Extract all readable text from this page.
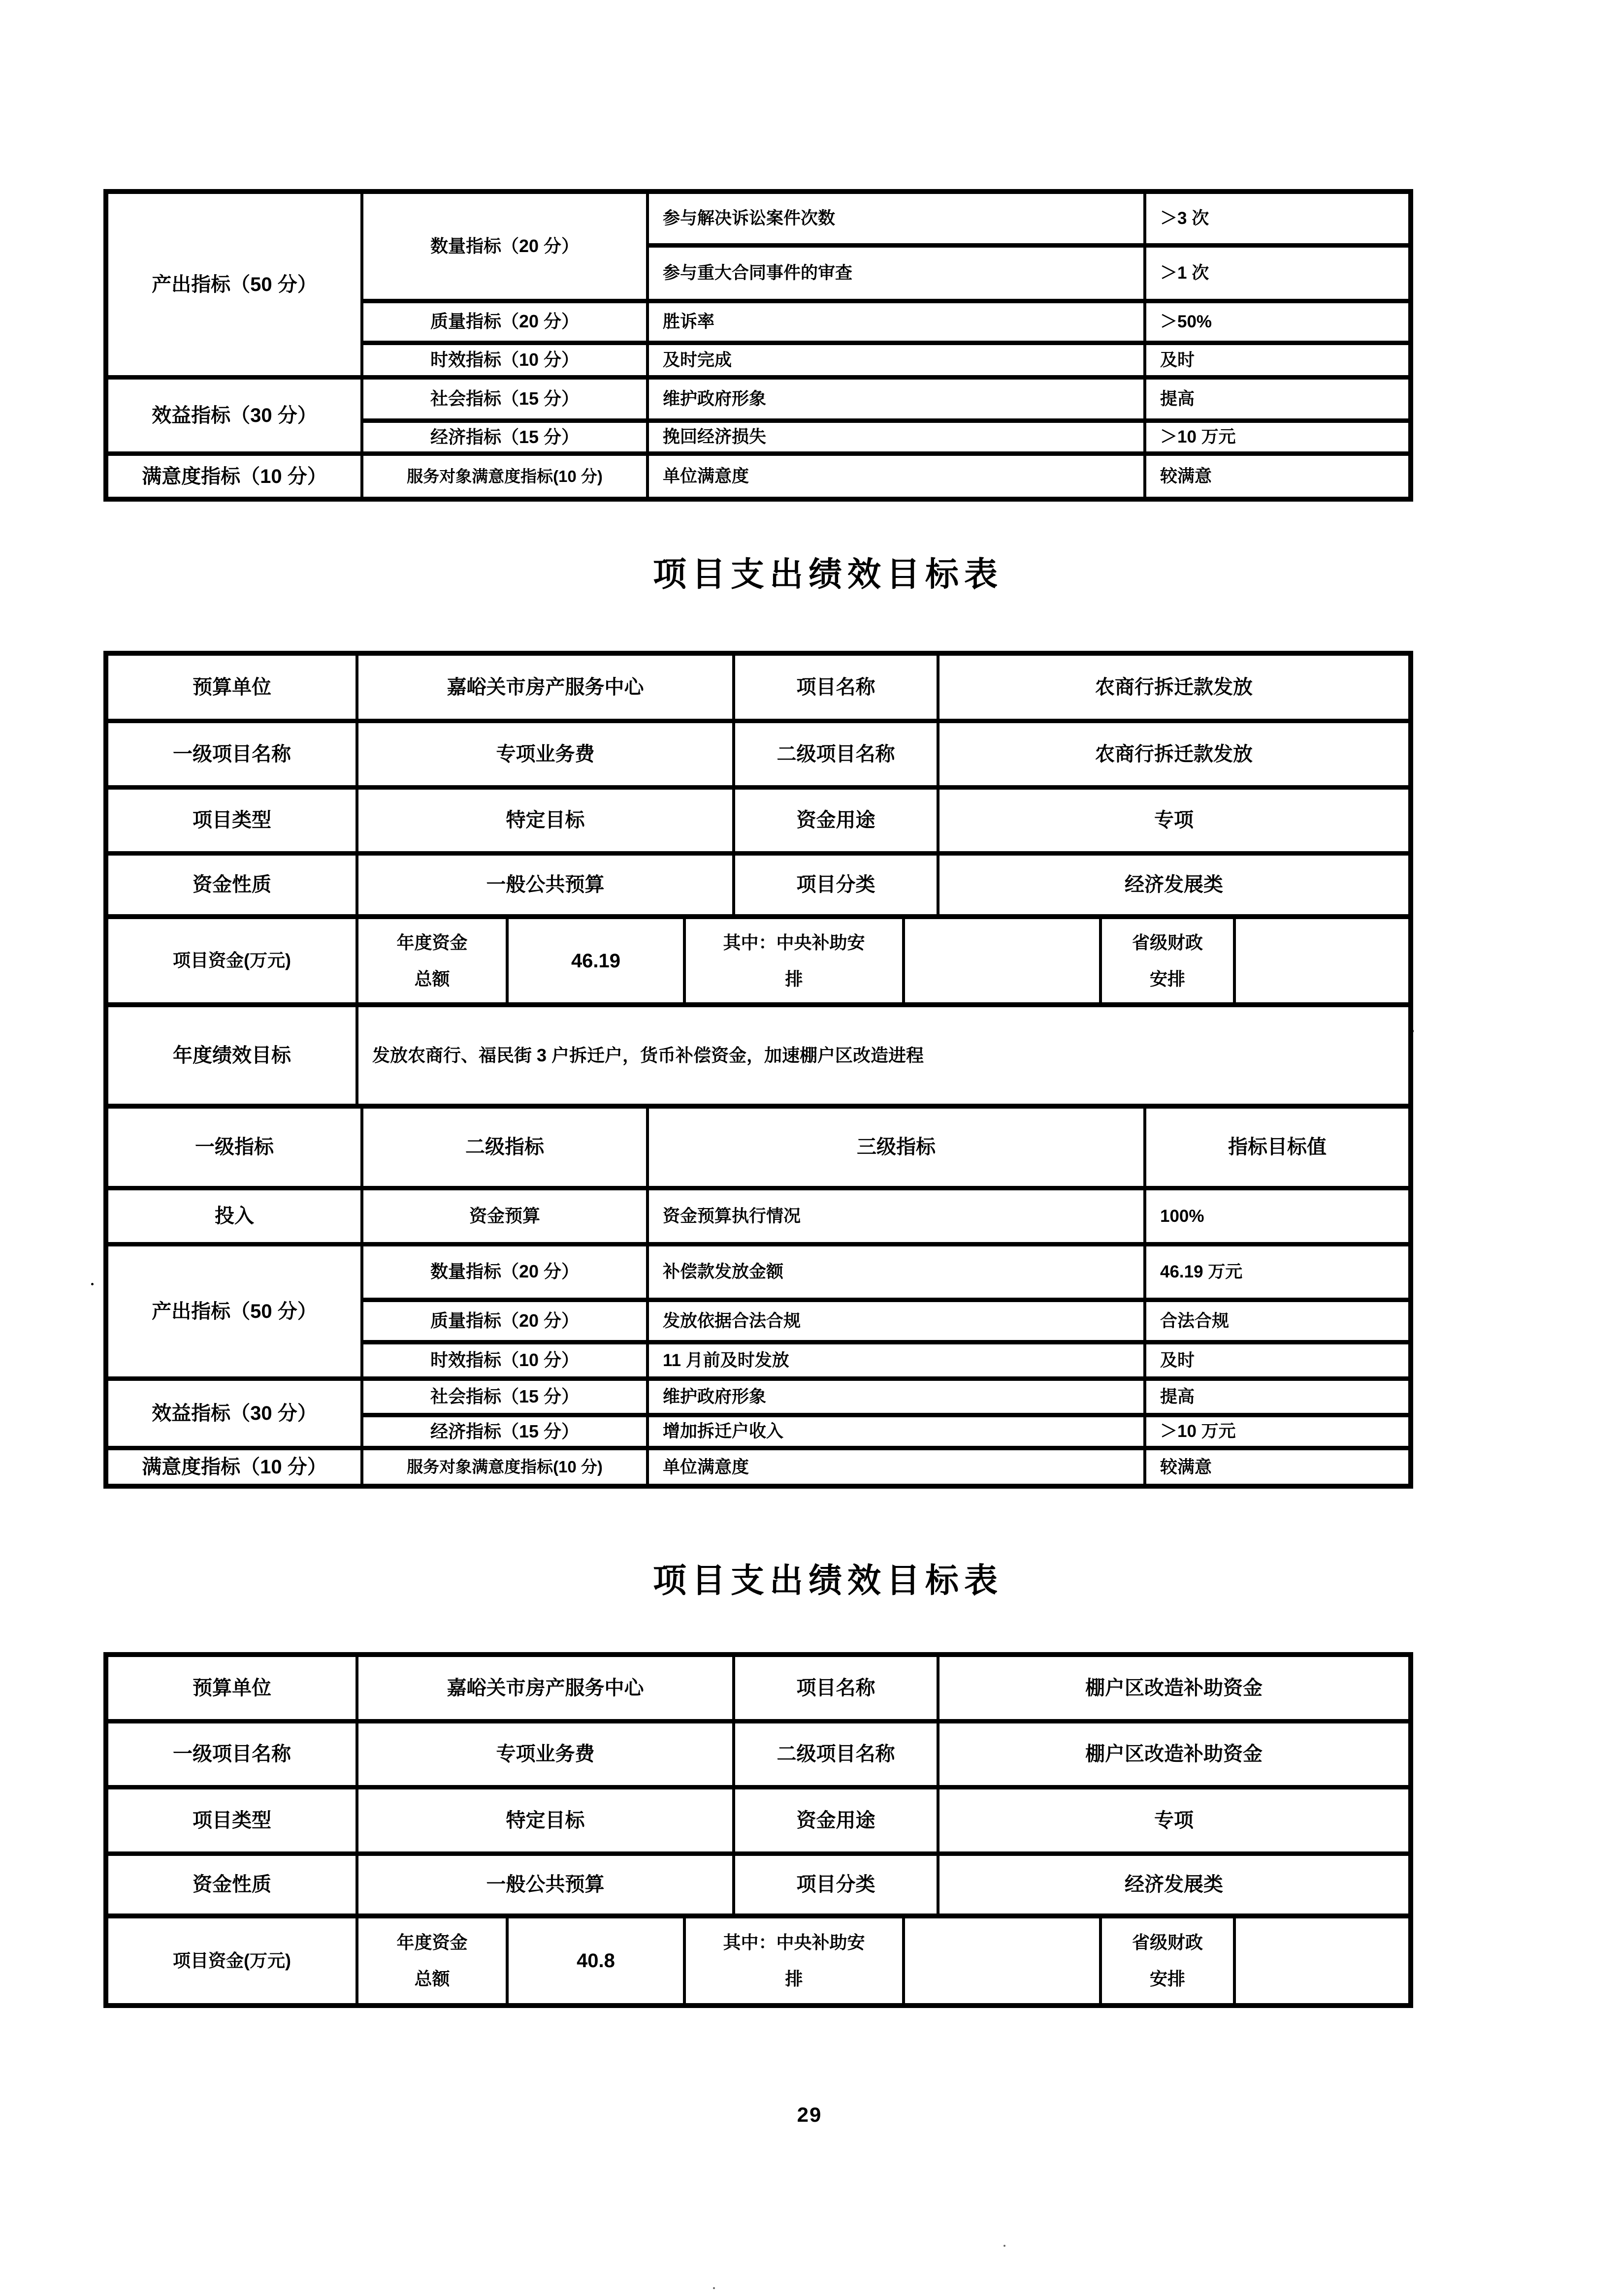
产出指标（50 分）	数量指标（20 分）	参与解决诉讼案件次数	＞3 次
		参与重大合同事件的审查	＞1 次
	质量指标（20 分）	胜诉率	＞50%
	时效指标（10 分）	及时完成	及时
效益指标（30 分）	社会指标（15 分）	维护政府形象	提高
	经济指标（15 分）	挽回经济损失	＞10 万元
满意度指标（10 分）	服务对象满意度指标(10 分)	单位满意度	较满意
项目支出绩效目标表
预算单位	嘉峪关市房产服务中心	项目名称	农商行拆迁款发放
一级项目名称	专项业务费	二级项目名称	农商行拆迁款发放
项目类型	特定目标	资金用途	专项
资金性质	一般公共预算	项目分类	经济发展类
项目资金(万元)	年度资金总额	46.19	其中：中央补助安排		省级财政安排	
年度绩效目标	发放农商行、福民街 3 户拆迁户，货币补偿资金，加速棚户区改造进程
一级指标	二级指标	三级指标	指标目标值
投入	资金预算	资金预算执行情况	100%
产出指标（50 分）	数量指标（20 分）	补偿款发放金额	46.19 万元
	质量指标（20 分）	发放依据合法合规	合法合规
	时效指标（10 分）	11 月前及时发放	及时
效益指标（30 分）	社会指标（15 分）	维护政府形象	提高
	经济指标（15 分）	增加拆迁户收入	＞10 万元
满意度指标（10 分）	服务对象满意度指标(10 分)	单位满意度	较满意
项目支出绩效目标表
预算单位	嘉峪关市房产服务中心	项目名称	棚户区改造补助资金
一级项目名称	专项业务费	二级项目名称	棚户区改造补助资金
项目类型	特定目标	资金用途	专项
资金性质	一般公共预算	项目分类	经济发展类
项目资金(万元)	年度资金总额	40.8	其中：中央补助安排		省级财政安排	
29
